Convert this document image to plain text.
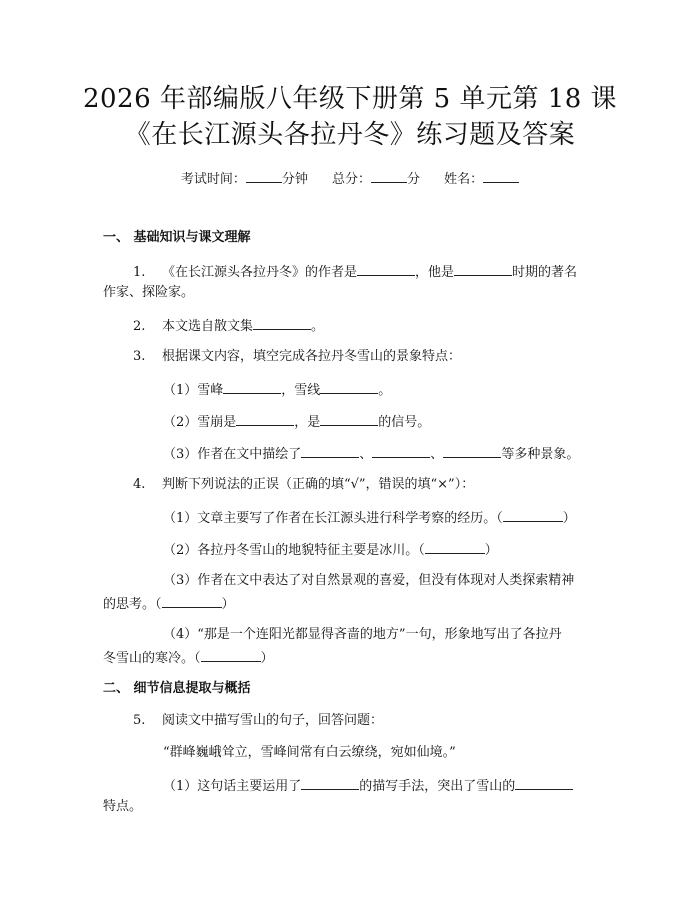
2026 年部编版八年级下册第 5 单元第 18 课
《在长江源头各拉丹冬》练习题及答案
考试时间：	分钟 总分：	分 姓名：
一、 基础知识与课文理解
1. 《在长江源头各拉丹冬》的作者是	，他是	时期的著名
作家、探险家。
2. 本文选自散文集	。
3. 根据课文内容，填空完成各拉丹冬雪山的景象特点：
（1）雪峰	，雪线	。
（2）雪崩是	，是	的信号。
（3）作者在文中描绘了	、	、	等多种景象。
4. 判断下列说法的正误（正确的填“√”，错误的填“×”）：
（1）文章主要写了作者在长江源头进行科学考察的经历。（	）
（2）各拉丹冬雪山的地貌特征主要是冰川。（	）
（3）作者在文中表达了对自然景观的喜爱，但没有体现对人类探索精神
的思考。（	）
（4）“那是一个连阳光都显得吝啬的地方”一句，形象地写出了各拉丹
冬雪山的寒冷。（	）
二、 细节信息提取与概括
5. 阅读文中描写雪山的句子，回答问题：
“群峰巍峨耸立，雪峰间常有白云缭绕，宛如仙境。”
（1）这句话主要运用了	的描写手法，突出了雪山的
特点。
